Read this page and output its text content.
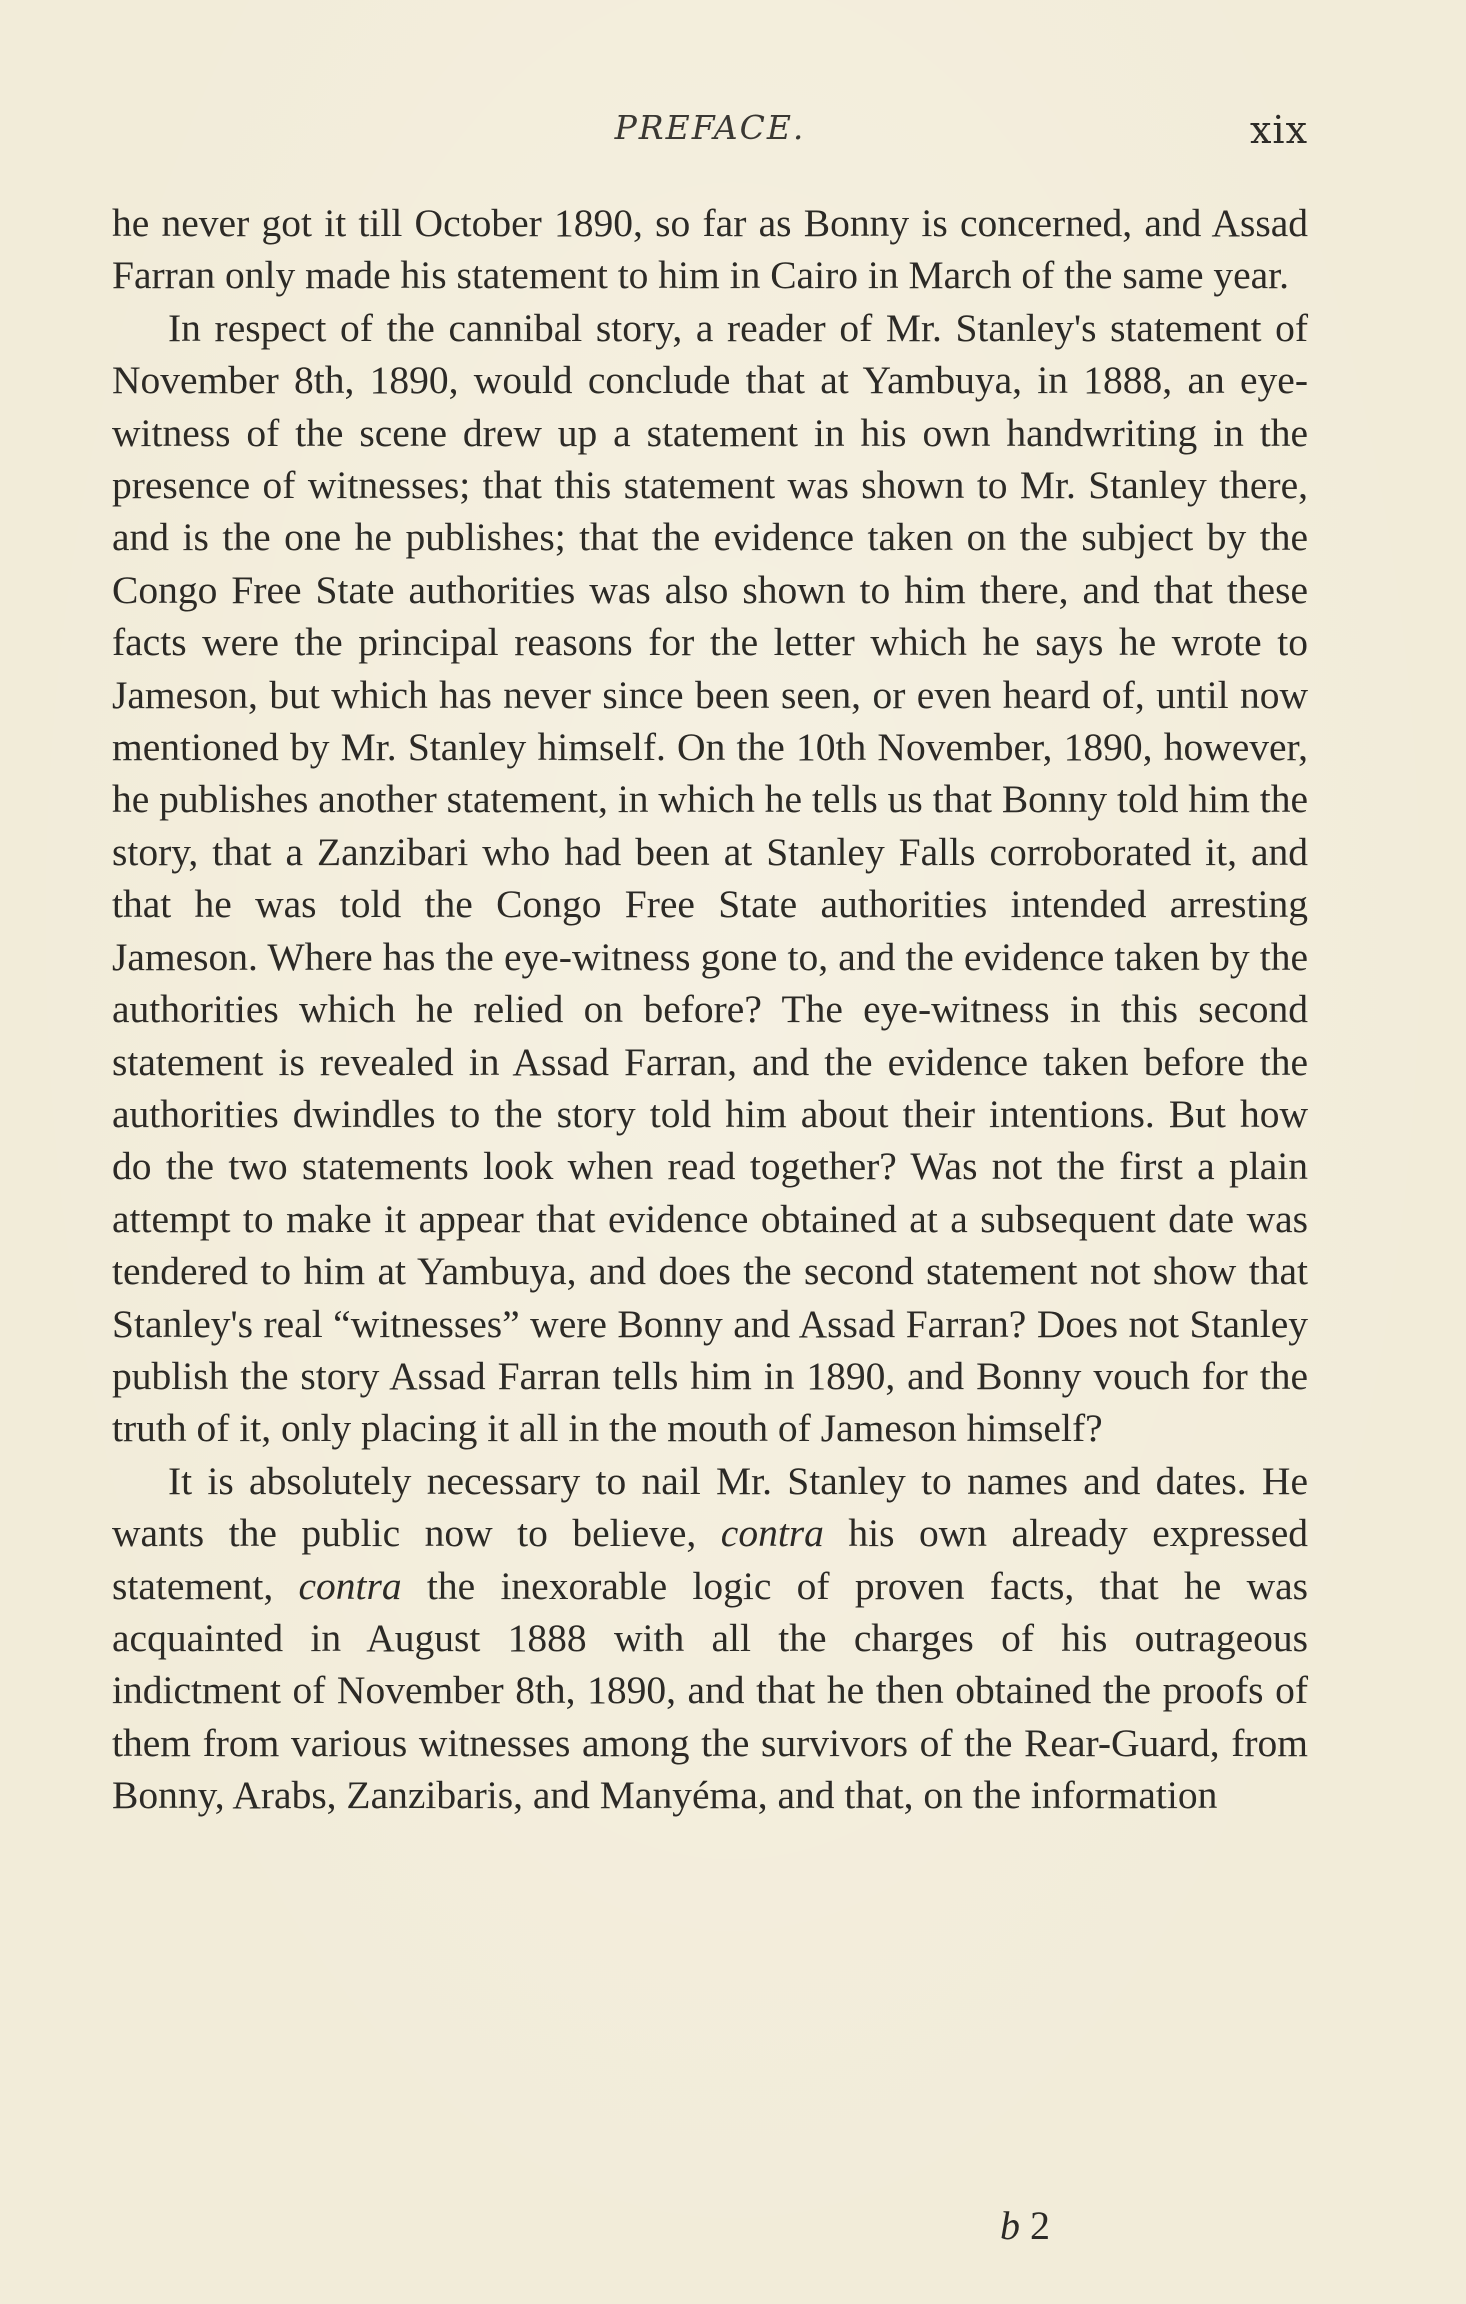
PREFACE.	xix

he never got it till October 1890, so far as Bonny is concerned, and Assad Farran only made his statement to him in Cairo in March of the same year.

In respect of the cannibal story, a reader of Mr. Stanley's statement of November 8th, 1890, would conclude that at Yambuya, in 1888, an eye-witness of the scene drew up a statement in his own handwriting in the presence of witnesses; that this statement was shown to Mr. Stanley there, and is the one he publishes; that the evidence taken on the subject by the Congo Free State authorities was also shown to him there, and that these facts were the principal reasons for the letter which he says he wrote to Jameson, but which has never since been seen, or even heard of, until now mentioned by Mr. Stanley himself. On the 10th November, 1890, however, he publishes another statement, in which he tells us that Bonny told him the story, that a Zanzibari who had been at Stanley Falls corroborated it, and that he was told the Congo Free State authorities intended arresting Jameson. Where has the eye-witness gone to, and the evidence taken by the authorities which he relied on before? The eye-witness in this second statement is revealed in Assad Farran, and the evidence taken before the authorities dwindles to the story told him about their intentions. But how do the two statements look when read together? Was not the first a plain attempt to make it appear that evidence obtained at a subsequent date was tendered to him at Yambuya, and does the second statement not show that Stanley's real “witnesses” were Bonny and Assad Farran? Does not Stanley publish the story Assad Farran tells him in 1890, and Bonny vouch for the truth of it, only placing it all in the mouth of Jameson himself?

It is absolutely necessary to nail Mr. Stanley to names and dates. He wants the public now to believe, contra his own already expressed statement, contra the inexorable logic of proven facts, that he was acquainted in August 1888 with all the charges of his outrageous indictment of November 8th, 1890, and that he then obtained the proofs of them from various witnesses among the survivors of the Rear-Guard, from Bonny, Arabs, Zanzibaris, and Manyéma, and that, on the information

b 2
